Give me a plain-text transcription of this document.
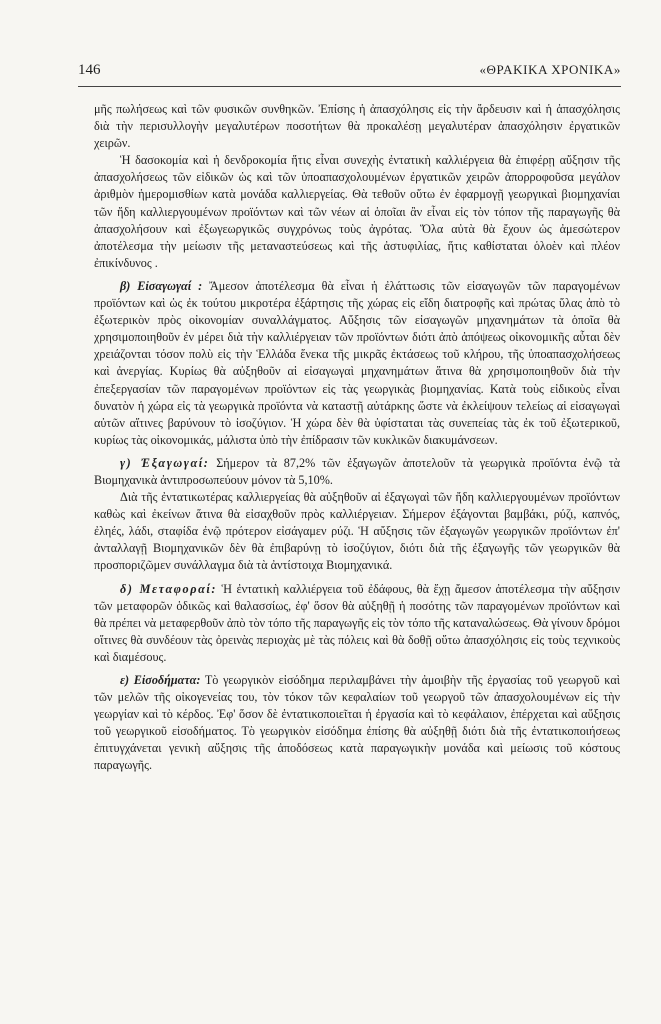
146	«ΘΡΑΚΙΚΑ ΧΡΟΝΙΚΑ»

μῆς πωλήσεως καὶ τῶν φυσικῶν συνθηκῶν. Ἐπίσης ἡ ἀπασχόλησις εἰς τὴν ἄρδευσιν καὶ ἡ ἀπασχόλησις διὰ τὴν περισυλλογὴν μεγαλυτέρων ποσοτήτων θὰ προκαλέσῃ μεγαλυτέραν ἀπασχόλησιν ἐργατικῶν χειρῶν.

Ἡ δασοκομία καὶ ἡ δενδροκομία ἥτις εἶναι συνεχὴς ἐντατικὴ καλλιέργεια θὰ ἐπιφέρῃ αὔξησιν τῆς ἀπασχολήσεως τῶν εἰδικῶν ὡς καὶ τῶν ὑποαπασχολουμένων ἐργατικῶν χειρῶν ἀπορροφοῦσα μεγάλον ἀριθμὸν ἡμερομισθίων κατὰ μονάδα καλλιεργείας. Θὰ τεθοῦν οὕτω ἐν ἐφαρμογῇ γεωργικαὶ βιομηχανίαι τῶν ἤδη καλλιεργουμένων προϊόντων καὶ τῶν νέων αἱ ὁποῖαι ἂν εἶναι εἰς τὸν τόπον τῆς παραγωγῆς θὰ ἀπασχολήσουν καὶ ἐξωγεωργικῶς συγχρόνως τοὺς ἀγρότας. Ὅλα αὐτὰ θὰ ἔχουν ὡς ἀμεσώτερον ἀποτέλεσμα τὴν μείωσιν τῆς μεταναστεύσεως καὶ τῆς ἀστυφιλίας, ἥτις καθίσταται ὁλοὲν καὶ πλέον ἐπικίνδυνος .

β) Εἰσαγωγαί : Ἄμεσον ἀποτέλεσμα θὰ εἶναι ἡ ἐλάττωσις τῶν εἰσαγωγῶν τῶν παραγομένων προϊόντων καὶ ὡς ἐκ τούτου μικροτέρα ἐξάρτησις τῆς χώρας εἰς εἴδη διατροφῆς καὶ πρώτας ὕλας ἀπὸ τὸ ἐξωτερικὸν πρὸς οἰκονομίαν συναλλάγματος. Αὔξησις τῶν εἰσαγωγῶν μηχανημάτων τὰ ὁποῖα θὰ χρησιμοποιηθοῦν ἐν μέρει διὰ τὴν καλλιέργειαν τῶν προϊόντων διότι ἀπὸ ἀπόψεως οἰκονομικῆς αὗται δὲν χρειάζονται τόσον πολὺ εἰς τὴν Ἑλλάδα ἕνεκα τῆς μικρᾶς ἐκτάσεως τοῦ κλήρου, τῆς ὑποαπασχολήσεως καὶ ἀνεργίας. Κυρίως θὰ αὐξηθοῦν αἱ εἰσαγωγαὶ μηχανημάτων ἅτινα θὰ χρησιμοποιηθοῦν διὰ τὴν ἐπεξεργασίαν τῶν παραγομένων προϊόντων εἰς τὰς γεωργικὰς βιομηχανίας. Κατὰ τοὺς εἰδικοὺς εἶναι δυνατὸν ἡ χώρα εἰς τὰ γεωργικὰ προϊόντα νὰ καταστῇ αὐτάρκης ὥστε νὰ ἐκλείψουν τελείως αἱ εἰσαγωγαὶ αὐτῶν αἵτινες βαρύνουν τὸ ἰσοζύγιον. Ἡ χώρα δὲν θὰ ὑφίσταται τὰς συνεπείας τὰς ἐκ τοῦ ἐξωτερικοῦ, κυρίως τὰς οἰκονομικάς, μάλιστα ὑπὸ τὴν ἐπίδρασιν τῶν κυκλικῶν διακυμάνσεων.

γ) Ἐξαγωγαί: Σήμερον τὰ 87,2% τῶν ἐξαγωγῶν ἀποτελοῦν τὰ γεωργικὰ προϊόντα ἐνῷ τὰ Βιομηχανικὰ ἀντιπροσωπεύουν μόνον τὰ 5,10%.

Διὰ τῆς ἐντατικωτέρας καλλιεργείας θὰ αὐξηθοῦν αἱ ἐξαγωγαὶ τῶν ἤδη καλλιεργουμένων προϊόντων καθὼς καὶ ἐκείνων ἅτινα θὰ εἰσαχθοῦν πρὸς καλλιέργειαν. Σήμερον ἐξάγονται βαμβάκι, ρύζι, καπνός, ἐληές, λάδι, σταφίδα ἐνῷ πρότερον εἰσάγαμεν ρύζι. Ἡ αὔξησις τῶν ἐξαγωγῶν γεωργικῶν προϊόντων ἐπ' ἀνταλλαγῇ Βιομηχανικῶν δὲν θὰ ἐπιβαρύνῃ τὸ ἰσοζύγιον, διότι διὰ τῆς ἐξαγωγῆς τῶν γεωργικῶν θὰ προσποριζῶμεν συνάλλαγμα διὰ τὰ ἀντίστοιχα Βιομηχανικά.

δ) Μεταφοραί: Ἡ ἐντατικὴ καλλιέργεια τοῦ ἐδάφους, θὰ ἔχῃ ἄμεσον ἀποτέλεσμα τὴν αὔξησιν τῶν μεταφορῶν ὁδικῶς καὶ θαλασσίως, ἐφ' ὅσον θὰ αὐξηθῇ ἡ ποσότης τῶν παραγομένων προϊόντων καὶ θὰ πρέπει νὰ μεταφερθοῦν ἀπὸ τὸν τόπο τῆς παραγωγῆς εἰς τὸν τόπο τῆς καταναλώσεως. Θὰ γίνουν δρόμοι οἵτινες θὰ συνδέουν τὰς ὀρεινὰς περιοχὰς μὲ τὰς πόλεις καὶ θὰ δοθῇ οὕτω ἀπασχόλησις εἰς τοὺς τεχνικοὺς καὶ διαμέσους.

ε) Εἰσοδήματα: Τὸ γεωργικὸν εἰσόδημα περιλαμβάνει τὴν ἀμοιβὴν τῆς ἐργασίας τοῦ γεωργοῦ καὶ τῶν μελῶν τῆς οἰκογενείας του, τὸν τόκον τῶν κεφαλαίων τοῦ γεωργοῦ τῶν ἀπασχολουμένων εἰς τὴν γεωργίαν καὶ τὸ κέρδος. Ἐφ' ὅσον δὲ ἐντατικοποιεῖται ἡ ἐργασία καὶ τὸ κεφάλαιον, ἐπέρχεται καὶ αὔξησις τοῦ γεωργικοῦ εἰσοδήματος. Τὸ γεωργικὸν εἰσόδημα ἐπίσης θὰ αὐξηθῇ διότι διὰ τῆς ἐντατικοποιήσεως ἐπιτυγχάνεται γενικὴ αὔξησις τῆς ἀποδόσεως κατὰ παραγωγικὴν μονάδα καὶ μείωσις τοῦ κόστους παραγωγῆς.
